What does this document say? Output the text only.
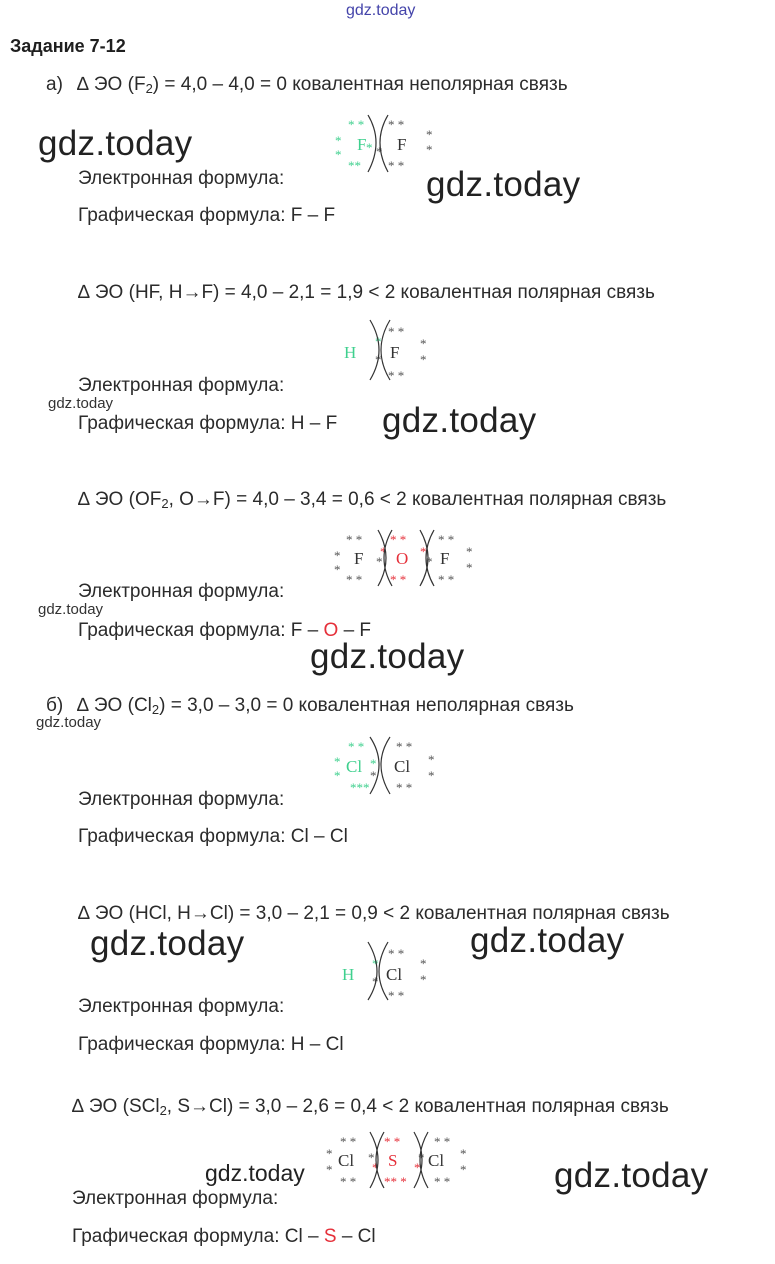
gdz.today
Задание 7-12
а) ∆ ЭО $(F_2) = 4,0 - 4,0 = 0$ ковалентная неполярная связь
gdz.today	* *
*
*
**
*
* *
*
*
* *
*
F F
gdz.today
Электронная формула:
Графическая формула: F – F
∆ ЭО (HF, H→F) = 4,0 – 2,1 = 1,9 < 2 ковалентная полярная связь
H
*
*
* *
*
*
* *
F
Электронная формула:
gdz.today
Графическая формула: H – F gdz.today
∆ ЭО ($OF_2$, O→F) = 4,0 – 3,4 = 0,6 < 2 ковалентная полярная связь
* *
*
*
* *
*	*
* *
*
*
* *
* *
* *
*	*
F O F
Электронная формула:
gdz.today
Графическая формула: F – O – F
gdz.today
б) ∆ ЭО $(Cl_2) = 3,0 - 3,0 = 0$ ковалентная неполярная связь
gdz.today
* *
*
*
***
*
*
* *
*
*
* *
Cl Cl
Электронная формула:
Графическая формула: Cl – Cl
∆ ЭО (HCl, H→Cl) = 3,0 – 2,1 = 0,9 < 2 ковалентная полярная связь
gdz.today	gdz.today
H
*
*
* *
*
*
* *
Cl
Электронная формула:
Графическая формула: H – Cl
∆ ЭО (SCl$_2$, S→Cl) = 3,0 – 2,6 = 0,4 < 2 ковалентная полярная связь
* *
*
*
* *
*	*
* *
*
*
* *
* *
** *
*	*
Cl S Cl
gdz.today	gdz.today
Электронная формула:
Графическая формула: Cl – S – Cl
